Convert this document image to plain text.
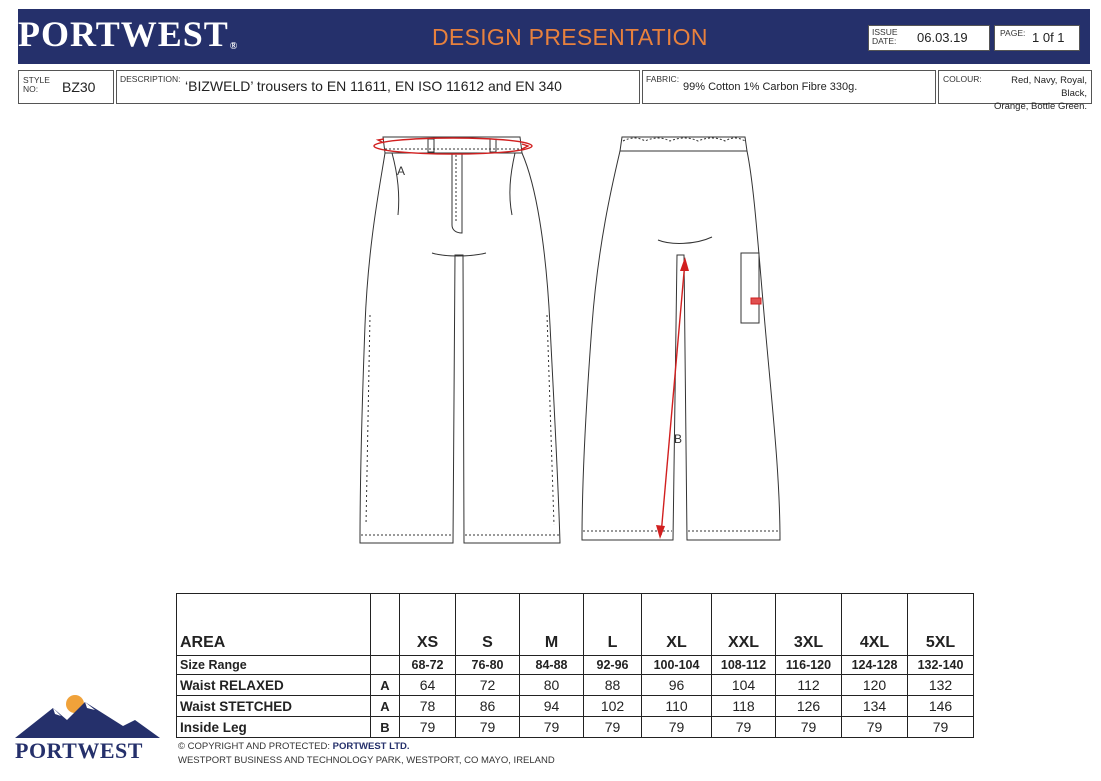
PORTWEST®	DESIGN PRESENTATION	ISSUE
DATE: 06.03.19	PAGE: 1 0f 1
STYLE
NO:	BZ30	DESCRIPTION: ‘BIZWELD’ trousers to EN 11611, EN ISO 11612 and EN 340	FABRIC:
99% Cotton 1% Carbon Fibre 330g.
COLOUR:	Red, Navy, Royal, Black,
Orange, Bottle Green.
A
B
AREA		XS	S	M	L	XL	XXL	3XL	4XL	5XL
Size Range		68-72	76-80	84-88	92-96	100-104	108-112	116-120	124-128	132-140
Waist RELAXED	A	64	72	80	88	96	104	112	120	132
Waist STETCHED	A	78	86	94	102	110	118	126	134	146
Inside Leg	B	79	79	79	79	79	79	79	79	79
PORTWEST	© COPYRIGHT AND PROTECTED: PORTWEST LTD.
WESTPORT BUSINESS AND TECHNOLOGY PARK, WESTPORT, CO MAYO, IRELAND
